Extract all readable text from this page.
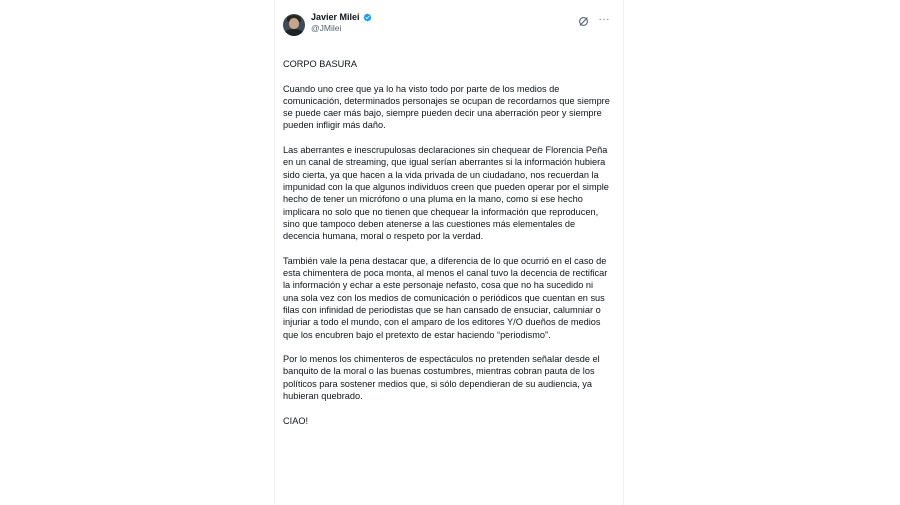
Javier Milei
@JMilei
···

CORPO BASURA

Cuando uno cree que ya lo ha visto todo por parte de los medios de comunicación, determinados personajes se ocupan de recordarnos que siempre se puede caer más bajo, siempre pueden decir una aberración peor y siempre pueden infligir más daño.

Las aberrantes e inescrupulosas declaraciones sin chequear de Florencia Peña en un canal de streaming, que igual serían aberrantes si la información hubiera sido cierta, ya que hacen a la vida privada de un ciudadano, nos recuerdan la impunidad con la que algunos individuos creen que pueden operar por el simple hecho de tener un micrófono o una pluma en la mano, como si ese hecho implicara no solo que no tienen que chequear la información que reproducen, sino que tampoco deben atenerse a las cuestiones más elementales de decencia humana, moral o respeto por la verdad.

También vale la pena destacar que, a diferencia de lo que ocurrió en el caso de esta chimentera de poca monta, al menos el canal tuvo la decencia de rectificar la información y echar a este personaje nefasto, cosa que no ha sucedido ni una sola vez con los medios de comunicación o periódicos que cuentan en sus filas con infinidad de periodistas que se han cansado de ensuciar, calumniar o injuriar a todo el mundo, con el amparo de los editores Y/O dueños de medios que los encubren bajo el pretexto de estar haciendo “periodismo”.

Por lo menos los chimenteros de espectáculos no pretenden señalar desde el banquito de la moral o las buenas costumbres, mientras cobran pauta de los políticos para sostener medios que, si sólo dependieran de su audiencia, ya hubieran quebrado.

CIAO!
